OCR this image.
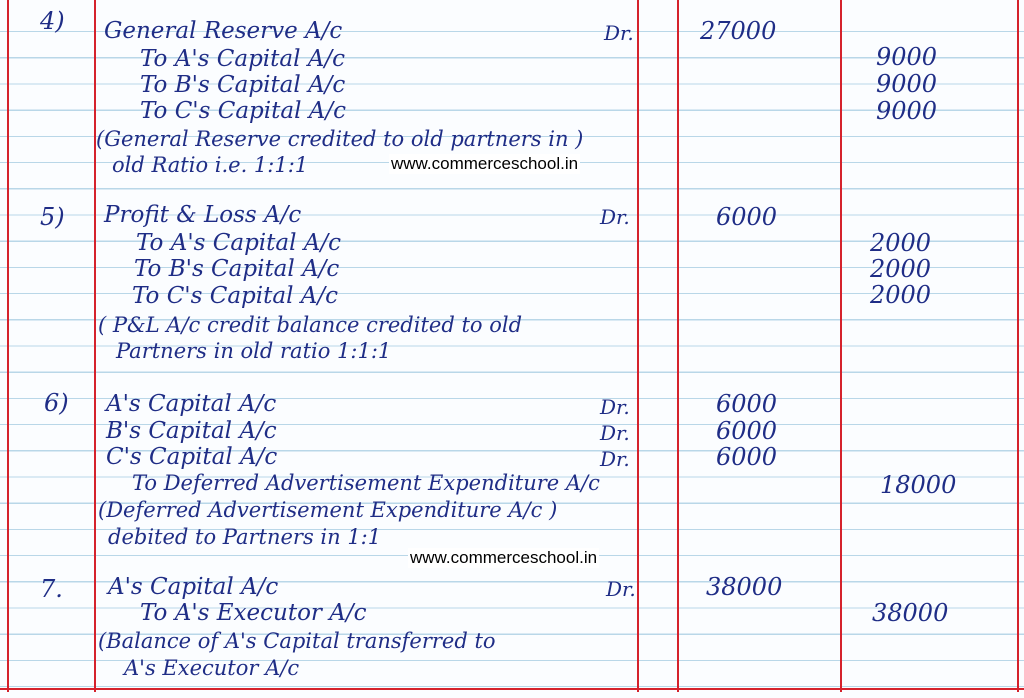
4) General Reserve A/c	Dr.	27000
To A's Capital A/c	9000
To B's Capital A/c	9000
To C's Capital A/c	9000
(General Reserve credited to old partners in )
old Ratio i.e. 1:1:1	www.commerceschool.in
5) Profit & Loss A/c	Dr.	6000
To A's Capital A/c	2000
To B's Capital A/c	2000
To C's Capital A/c	2000
( P&L A/c credit balance credited to old
Partners in old ratio 1:1:1
6) A's Capital A/c	Dr.	6000
B's Capital A/c	Dr.	6000
C's Capital A/c	Dr.	6000
To Deferred Advertisement Expenditure A/c	18000
(Deferred Advertisement Expenditure A/c )
debited to Partners in 1:1
www.commerceschool.in
7. A's Capital A/c	Dr.	38000
To A's Executor A/c	38000
(Balance of A's Capital transferred to
A's Executor A/c
